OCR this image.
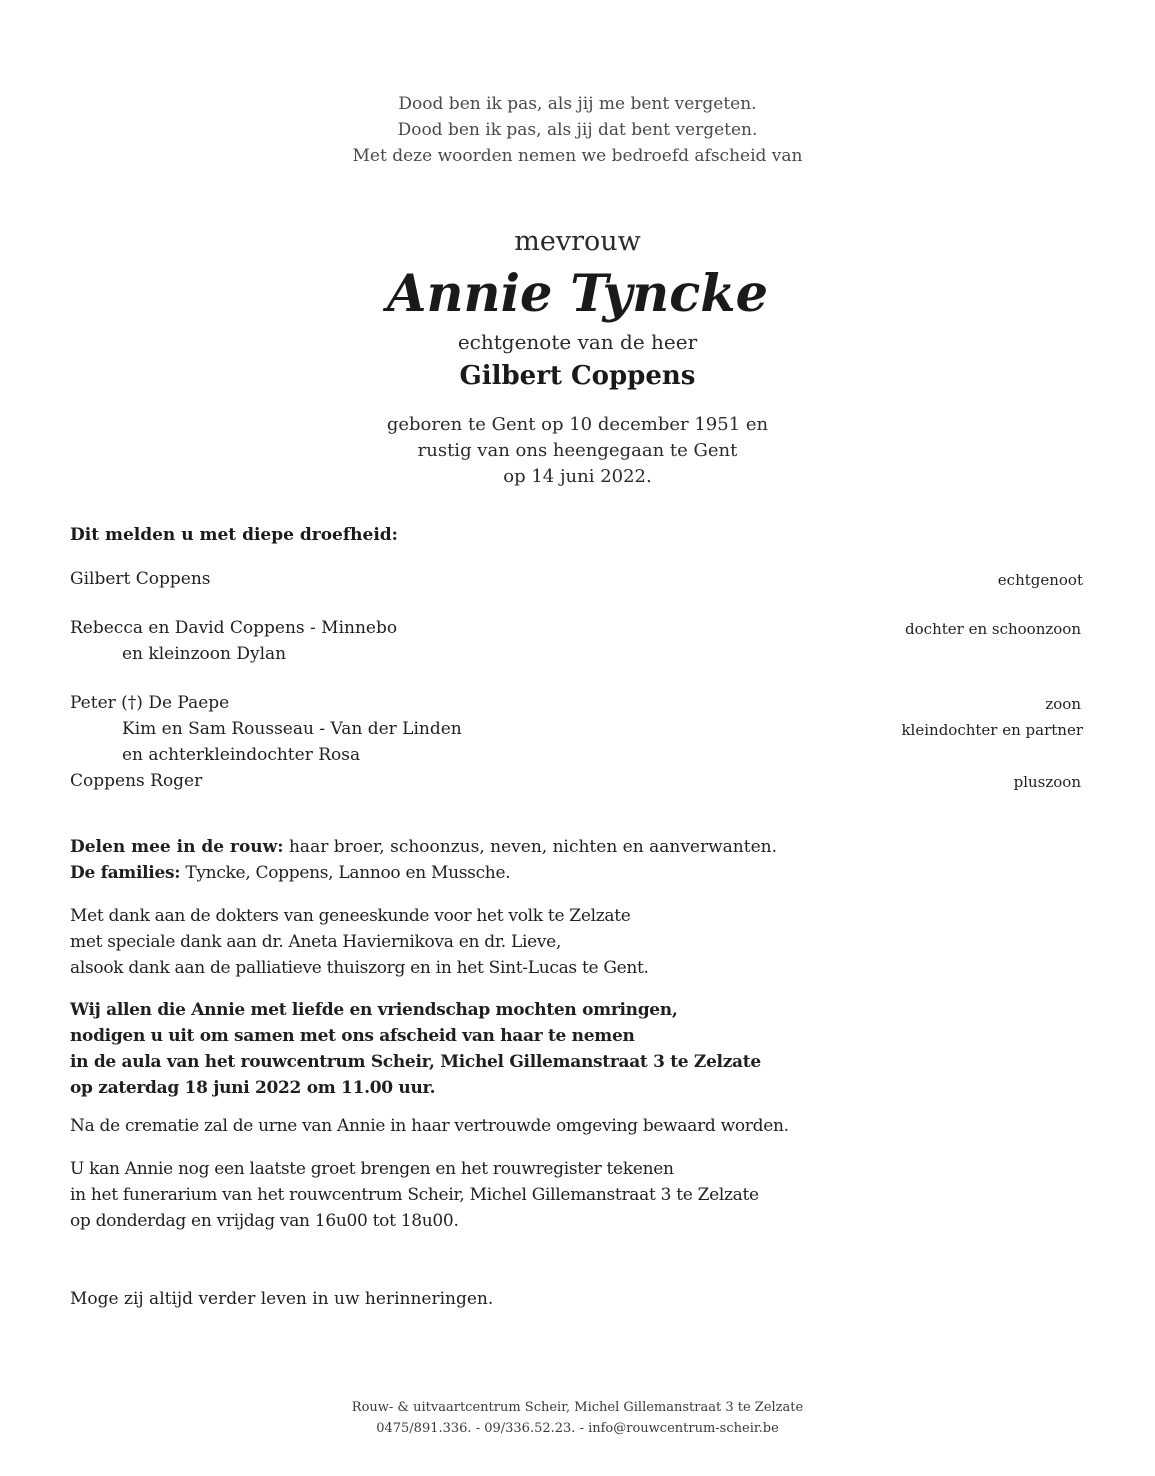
Dood ben ik pas, als jij me bent vergeten.
Dood ben ik pas, als jij dat bent vergeten.
Met deze woorden nemen we bedroefd afscheid van
mevrouw
Annie Tyncke
echtgenote van de heer
Gilbert Coppens
geboren te Gent op 10 december 1951 en
rustig van ons heengegaan te Gent
op 14 juni 2022.
Dit melden u met diepe droefheid:
Gilbert Coppens	echtgenoot
Rebecca en David Coppens - Minnebo	dochter en schoonzoon
en kleinzoon Dylan
Peter (†) De Paepe	zoon
Kim en Sam Rousseau - Van der Linden	kleindochter en partner
en achterkleindochter Rosa
Coppens Roger	pluszoon
Delen mee in de rouw: haar broer, schoonzus, neven, nichten en aanverwanten.
De families: Tyncke, Coppens, Lannoo en Mussche.
Met dank aan de dokters van geneeskunde voor het volk te Zelzate
met speciale dank aan dr. Aneta Haviernikova en dr. Lieve,
alsook dank aan de palliatieve thuiszorg en in het Sint-Lucas te Gent.
Wij allen die Annie met liefde en vriendschap mochten omringen,
nodigen u uit om samen met ons afscheid van haar te nemen
in de aula van het rouwcentrum Scheir, Michel Gillemanstraat 3 te Zelzate
op zaterdag 18 juni 2022 om 11.00 uur.
Na de crematie zal de urne van Annie in haar vertrouwde omgeving bewaard worden.
U kan Annie nog een laatste groet brengen en het rouwregister tekenen
in het funerarium van het rouwcentrum Scheir, Michel Gillemanstraat 3 te Zelzate
op donderdag en vrijdag van 16u00 tot 18u00.
Moge zij altijd verder leven in uw herinneringen.
Rouw- & uitvaartcentrum Scheir, Michel Gillemanstraat 3 te Zelzate
0475/891.336. - 09/336.52.23. - info@rouwcentrum-scheir.be
